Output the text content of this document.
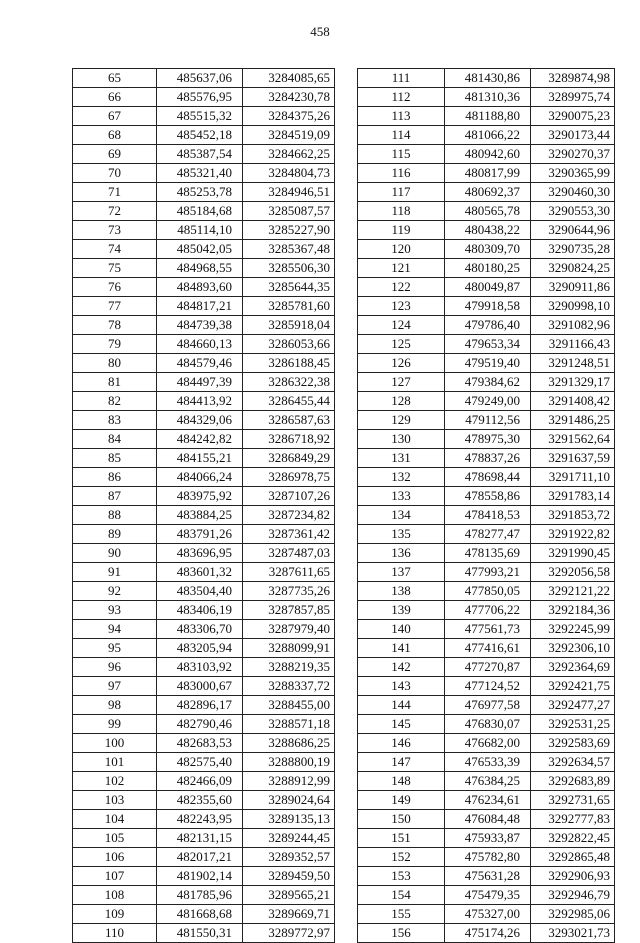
458
65	485637,06	3284085,65
66	485576,95	3284230,78
67	485515,32	3284375,26
68	485452,18	3284519,09
69	485387,54	3284662,25
70	485321,40	3284804,73
71	485253,78	3284946,51
72	485184,68	3285087,57
73	485114,10	3285227,90
74	485042,05	3285367,48
75	484968,55	3285506,30
76	484893,60	3285644,35
77	484817,21	3285781,60
78	484739,38	3285918,04
79	484660,13	3286053,66
80	484579,46	3286188,45
81	484497,39	3286322,38
82	484413,92	3286455,44
83	484329,06	3286587,63
84	484242,82	3286718,92
85	484155,21	3286849,29
86	484066,24	3286978,75
87	483975,92	3287107,26
88	483884,25	3287234,82
89	483791,26	3287361,42
90	483696,95	3287487,03
91	483601,32	3287611,65
92	483504,40	3287735,26
93	483406,19	3287857,85
94	483306,70	3287979,40
95	483205,94	3288099,91
96	483103,92	3288219,35
97	483000,67	3288337,72
98	482896,17	3288455,00
99	482790,46	3288571,18
100	482683,53	3288686,25
101	482575,40	3288800,19
102	482466,09	3288912,99
103	482355,60	3289024,64
104	482243,95	3289135,13
105	482131,15	3289244,45
106	482017,21	3289352,57
107	481902,14	3289459,50
108	481785,96	3289565,21
109	481668,68	3289669,71
110	481550,31	3289772,97
111	481430,86	3289874,98
112	481310,36	3289975,74
113	481188,80	3290075,23
114	481066,22	3290173,44
115	480942,60	3290270,37
116	480817,99	3290365,99
117	480692,37	3290460,30
118	480565,78	3290553,30
119	480438,22	3290644,96
120	480309,70	3290735,28
121	480180,25	3290824,25
122	480049,87	3290911,86
123	479918,58	3290998,10
124	479786,40	3291082,96
125	479653,34	3291166,43
126	479519,40	3291248,51
127	479384,62	3291329,17
128	479249,00	3291408,42
129	479112,56	3291486,25
130	478975,30	3291562,64
131	478837,26	3291637,59
132	478698,44	3291711,10
133	478558,86	3291783,14
134	478418,53	3291853,72
135	478277,47	3291922,82
136	478135,69	3291990,45
137	477993,21	3292056,58
138	477850,05	3292121,22
139	477706,22	3292184,36
140	477561,73	3292245,99
141	477416,61	3292306,10
142	477270,87	3292364,69
143	477124,52	3292421,75
144	476977,58	3292477,27
145	476830,07	3292531,25
146	476682,00	3292583,69
147	476533,39	3292634,57
148	476384,25	3292683,89
149	476234,61	3292731,65
150	476084,48	3292777,83
151	475933,87	3292822,45
152	475782,80	3292865,48
153	475631,28	3292906,93
154	475479,35	3292946,79
155	475327,00	3292985,06
156	475174,26	3293021,73
